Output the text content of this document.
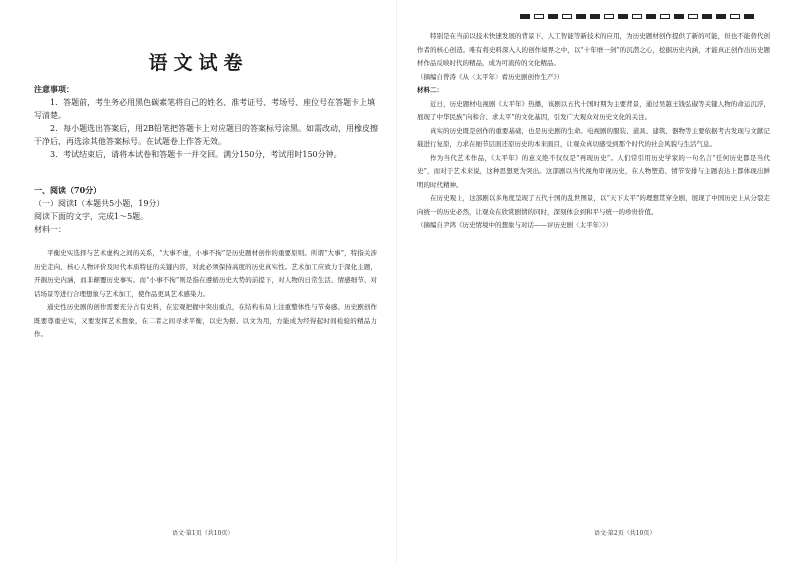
语文试卷
注意事项：

1．答题前，考生务必用黑色碳素笔将自己的姓名、准考证号、考场号、座位号在答题卡上填写清楚。

2．每小题选出答案后，用2B铅笔把答题卡上对应题目的答案标号涂黑。如需改动，用橡皮擦干净后，再选涂其他答案标号。在试题卷上作答无效。

3．考试结束后，请将本试卷和答题卡一并交回。满分150分，考试用时150分钟。

一、阅读（70分）
（一）阅读Ⅰ（本题共5小题，19分）
阅读下面的文字，完成1～5题。
材料一：

平衡史实选择与艺术虚构之间的关系，“大事不虚，小事不拘”是历史题材创作的重要原则。所谓“大事”，特指关涉历史走向、核心人物评价及时代本质特征的关键内容，对此必须保持高度的历史真实性。艺术加工应致力于深化主题，开掘历史内涵，而非颠覆历史事实。而“小事不拘”则是指在遵循历史大势的前提下，对人物的日常生活、情感细节、对话场景等进行合理想象与艺术加工，使作品更具艺术感染力。

通史性历史剧的创作需要充分占有史料，在宏观把握中突出重点，在结构布局上注重整体性与节奏感。历史剧创作既要尊重史实，又要发挥艺术想象，在二者之间寻求平衡，以史为据、以文为用，方能成为经得起时间检验的精品力作。

语文·第1页（共10页）

特别是在当前以技术快速发展的背景下，人工智能等新技术的应用，为历史题材创作提供了新的可能，但也不能替代创作者的核心创造。唯有将史料深入人的创作境界之中，以“十年磨一剑”的沉潜之心，挖掘历史内涵，才能真正创作出历史题材作品反映时代的精品，成为可流传的文化精品。

（摘编自曾涛《从〈太平年〉看历史剧创作生产》）

材料二：

近日，历史题材电视剧《太平年》热播，该剧以五代十国时期为主要背景，通过吴越王钱弘俶等关键人物的命运沉浮，展现了中华民族“向和合、求太平”的文化基因，引发广大观众对历史文化的关注。

真实的历史既是创作的重要基础，也是历史剧的生命。电视剧的服装、道具、建筑、器物等主要依据考古发现与文献记载进行复原，力求在细节层面还原历史的本来面目，让观众真切感受到那个时代的社会风貌与生活气息。

作为当代艺术作品，《太平年》的意义绝不仅仅是“再现历史”。人们常引用历史学家的一句名言“任何历史都是当代史”，而对于艺术来说，这种思想更为突出。这部剧以当代视角审视历史，在人物塑造、情节安排与主题表达上都体现出鲜明的时代精神。

在历史观上，这部剧以多角度呈现了五代十国的乱世图景，以“天下太平”的理想贯穿全剧，展现了中国历史上从分裂走向统一的历史必然，让观众在欣赏剧情的同时，深刻体会到和平与统一的珍贵价值。

（摘编自尹鸿《历史情境中的想象与对话——评历史剧〈太平年〉》）

语文·第2页（共10页）
